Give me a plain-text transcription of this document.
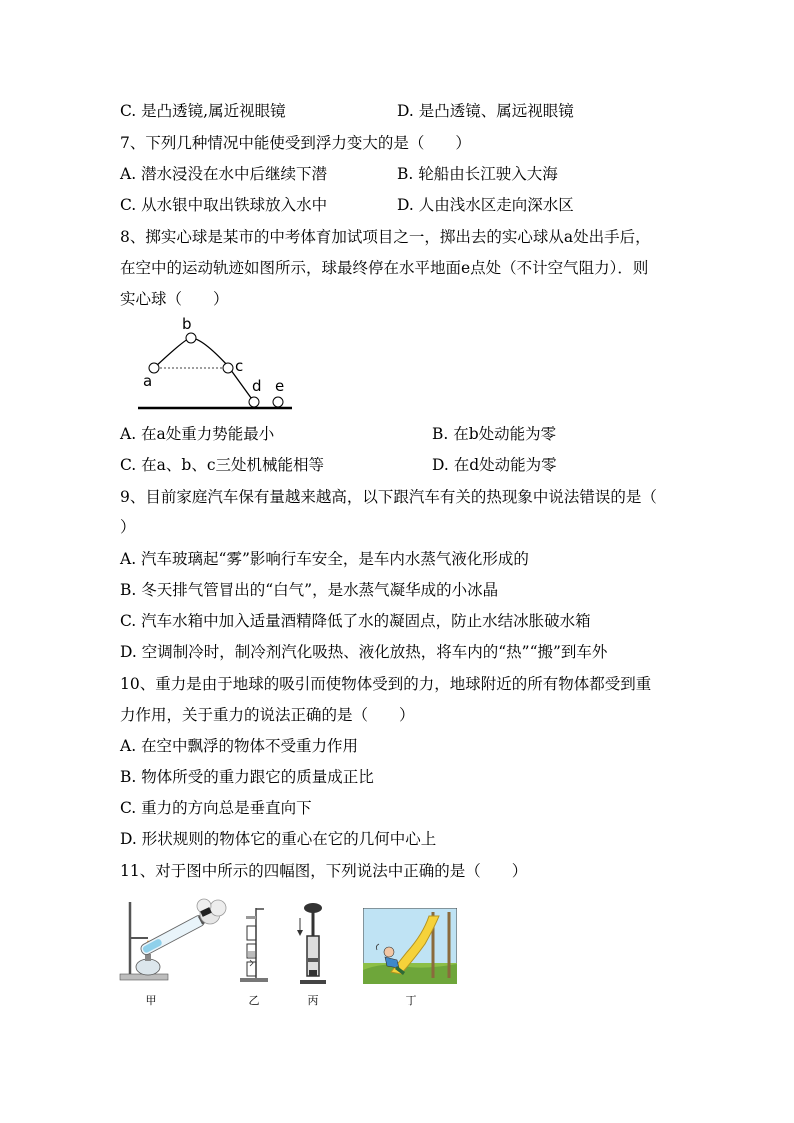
C. 是凸透镜,属近视眼镜	D. 是凸透镜、属远视眼镜
7、下列几种情况中能使受到浮力变大的是（　　）
A. 潜水浸没在水中后继续下潜	B. 轮船由长江驶入大海
C. 从水银中取出铁球放入水中	D. 人由浅水区走向深水区
8、掷实心球是某市的中考体育加试项目之一，掷出去的实心球从a处出手后，
在空中的运动轨迹如图所示，球最终停在水平地面e点处（不计空气阻力）．则
实心球（　　）
a
b
c
d e
A. 在a处重力势能最小	B. 在b处动能为零
C. 在a、b、c三处机械能相等	D. 在d处动能为零
9、目前家庭汽车保有量越来越高，以下跟汽车有关的热现象中说法错误的是（
）
A. 汽车玻璃起“雾”影响行车安全，是车内水蒸气液化形成的
B. 冬天排气管冒出的“白气”，是水蒸气凝华成的小冰晶
C. 汽车水箱中加入适量酒精降低了水的凝固点，防止水结冰胀破水箱
D. 空调制冷时，制冷剂汽化吸热、液化放热，将车内的“热”“搬”到车外
10、重力是由于地球的吸引而使物体受到的力，地球附近的所有物体都受到重
力作用，关于重力的说法正确的是（　　）
A. 在空中飘浮的物体不受重力作用
B. 物体所受的重力跟它的质量成正比
C. 重力的方向总是垂直向下
D. 形状规则的物体它的重心在它的几何中心上
11、对于图中所示的四幅图，下列说法中正确的是（　　）
甲	乙	丙	丁
